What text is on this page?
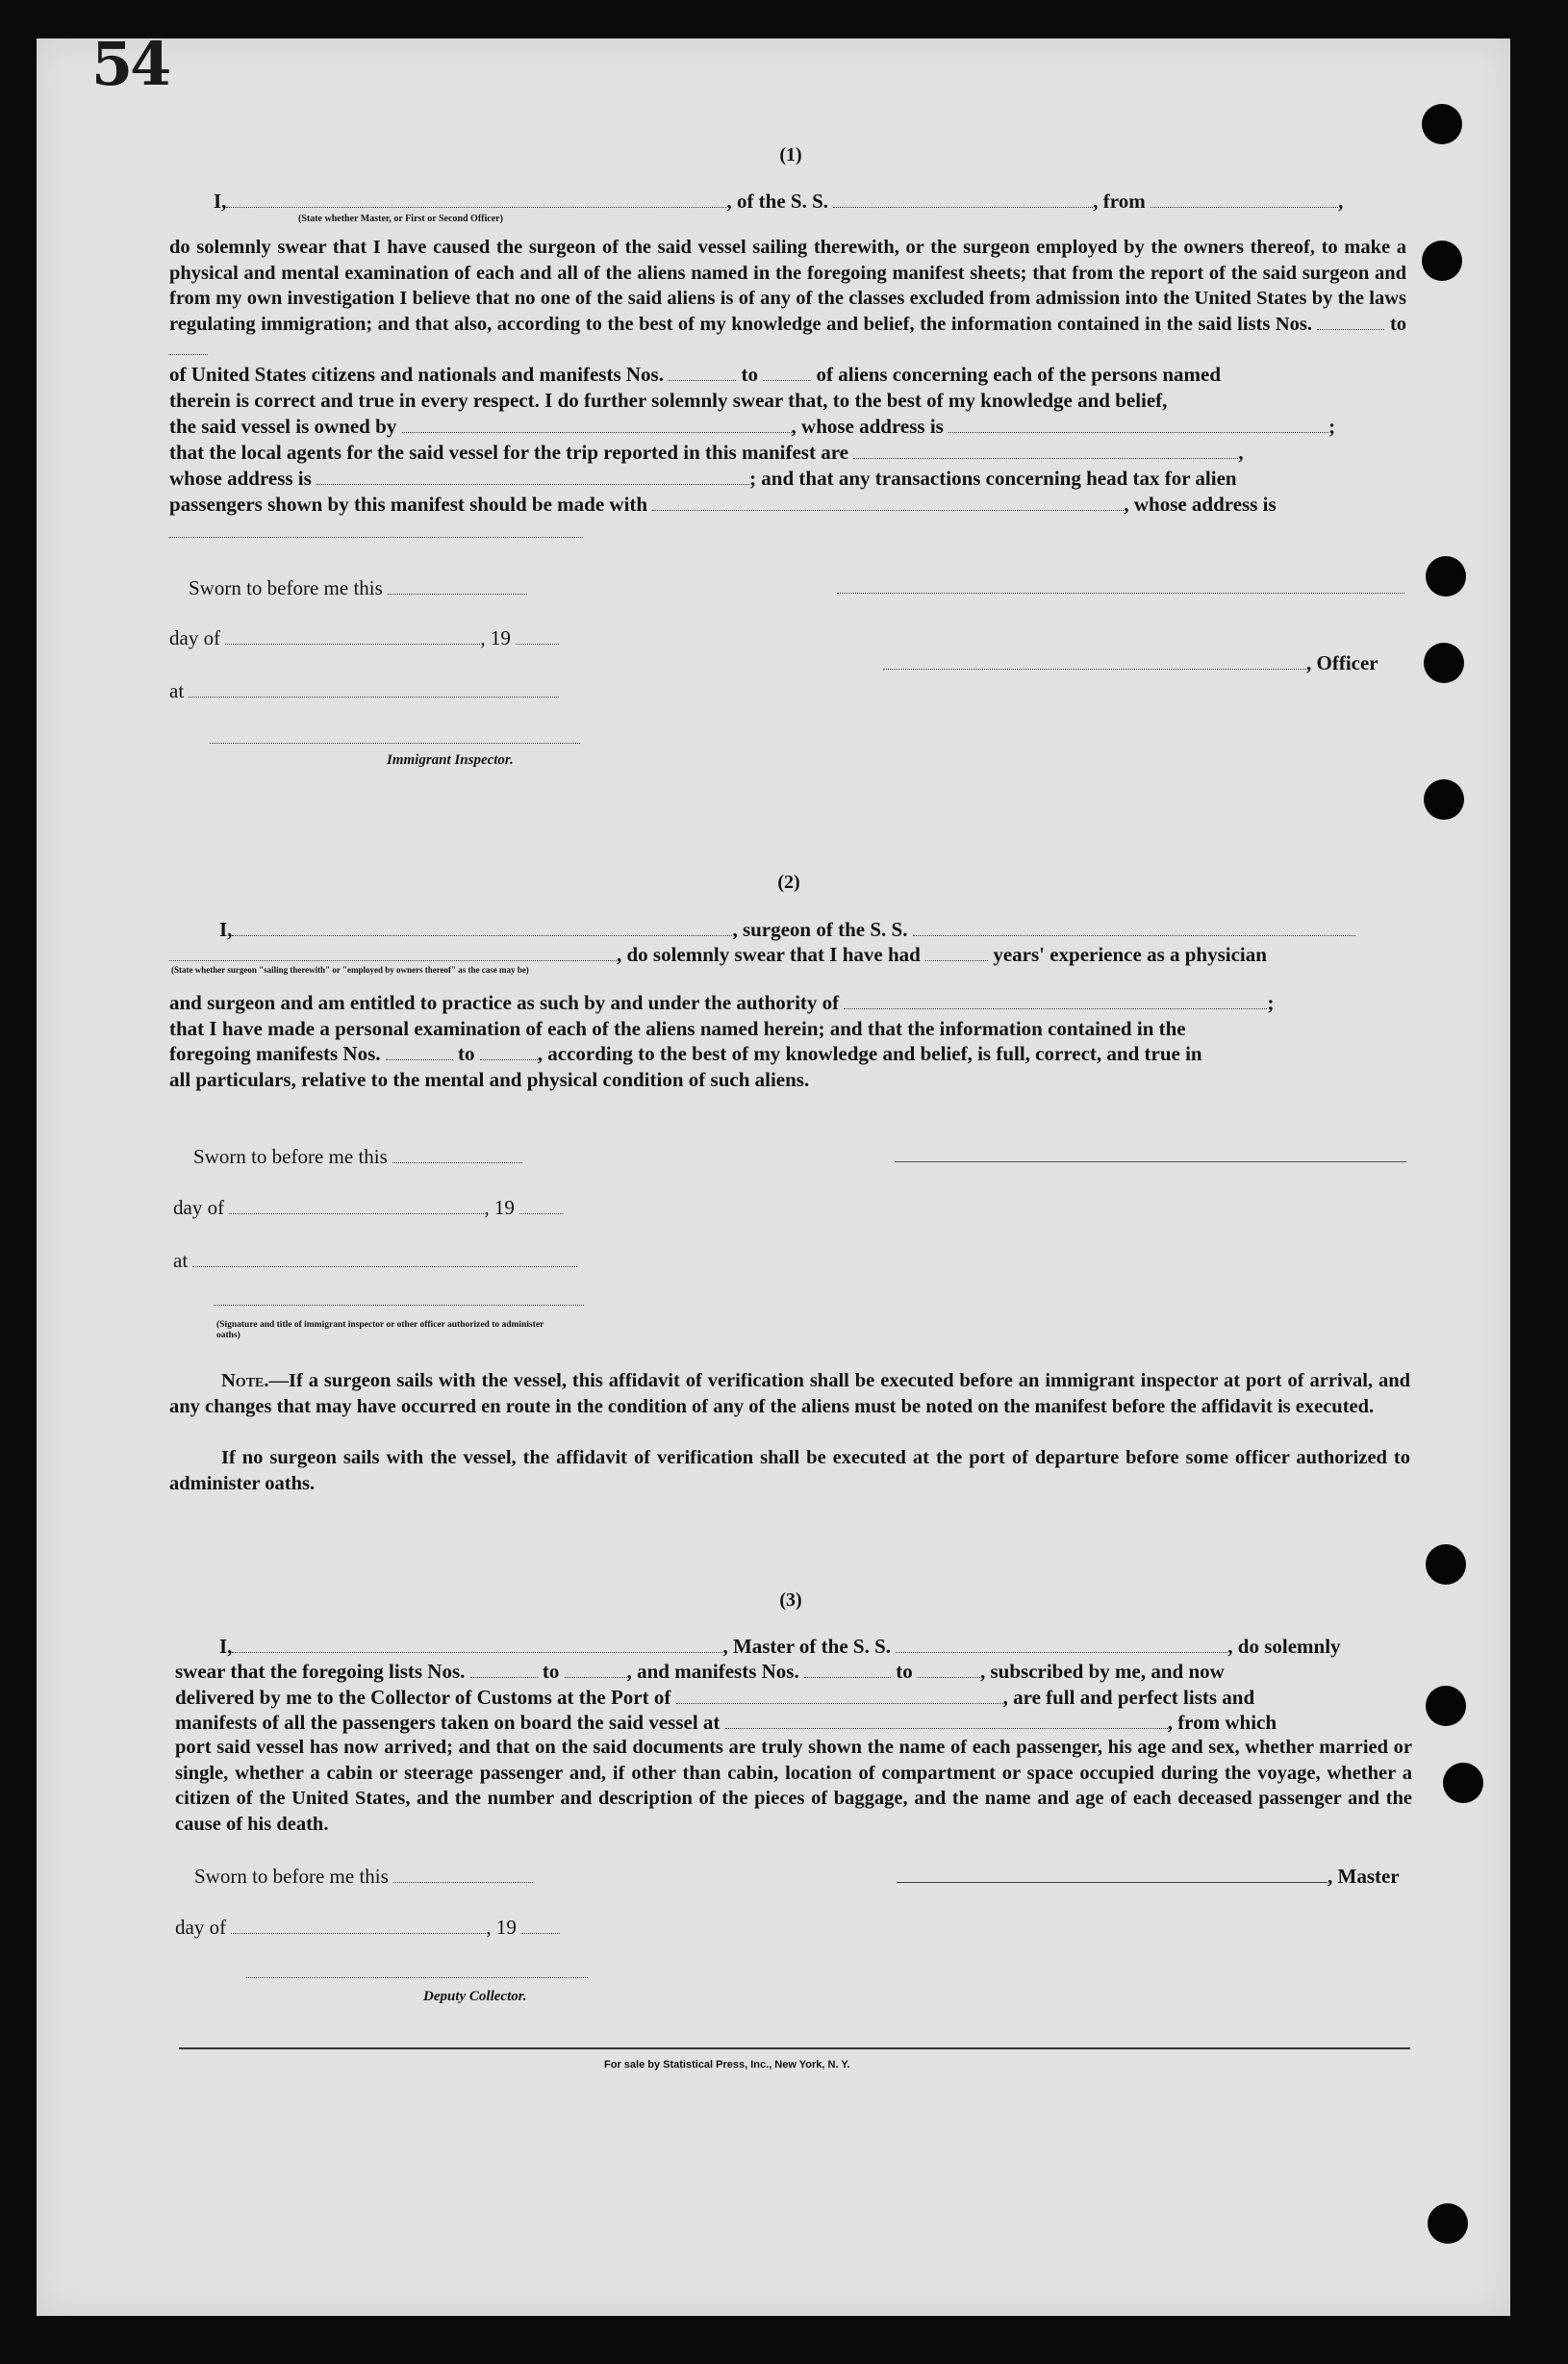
54
(1)
I,	, of the S. S.	, from	,
(State whether Master, or First or Second Officer)
do solemnly swear that I have caused the surgeon of the said vessel sailing therewith, or the surgeon employed by the owners thereof, to make a physical and mental examination of each and all of the aliens named in the foregoing manifest sheets; that from the report of the said surgeon and from my own investigation I believe that no one of the said aliens is of any of the classes excluded from admission into the United States by the laws regulating immigration; and that also, according to the best of my knowledge and belief, the information contained in the said lists Nos.	to
of United States citizens and nationals and manifests Nos.	to	of aliens concerning each of the persons named
therein is correct and true in every respect. I do further solemnly swear that, to the best of my knowledge and belief,
the said vessel is owned by	, whose address is	;
that the local agents for the said vessel for the trip reported in this manifest are	,
whose address is	; and that any transactions concerning head tax for alien
passengers shown by this manifest should be made with	, whose address is
Sworn to before me this
day of	, 19
, Officer
at
Immigrant Inspector.
(2)
I,	, surgeon of the S. S.
, do solemnly swear that I have had	years' experience as a physician
(State whether surgeon "sailing therewith" or "employed by owners thereof" as the case may be)
and surgeon and am entitled to practice as such by and under the authority of	;
that I have made a personal examination of each of the aliens named herein; and that the information contained in the
foregoing manifests Nos.	to	, according to the best of my knowledge and belief, is full, correct, and true in
all particulars, relative to the mental and physical condition of such aliens.
Sworn to before me this
day of	, 19
at
(Signature and title of immigrant inspector or other officer authorized to administer oaths)
Note.—If a surgeon sails with the vessel, this affidavit of verification shall be executed before an immigrant inspector at port of arrival, and any changes that may have occurred en route in the condition of any of the aliens must be noted on the manifest before the affidavit is executed.
If no surgeon sails with the vessel, the affidavit of verification shall be executed at the port of departure before some officer authorized to administer oaths.
(3)
I,	, Master of the S. S.	, do solemnly
swear that the foregoing lists Nos.	to	, and manifests Nos.	to	, subscribed by me, and now
delivered by me to the Collector of Customs at the Port of	, are full and perfect lists and
manifests of all the passengers taken on board the said vessel at	, from which
port said vessel has now arrived; and that on the said documents are truly shown the name of each passenger, his age and sex, whether married or single, whether a cabin or steerage passenger and, if other than cabin, location of compartment or space occupied during the voyage, whether a citizen of the United States, and the number and description of the pieces of baggage, and the name and age of each deceased passenger and the cause of his death.
Sworn to before me this	, Master
day of	, 19
Deputy Collector.
For sale by Statistical Press, Inc., New York, N. Y.
